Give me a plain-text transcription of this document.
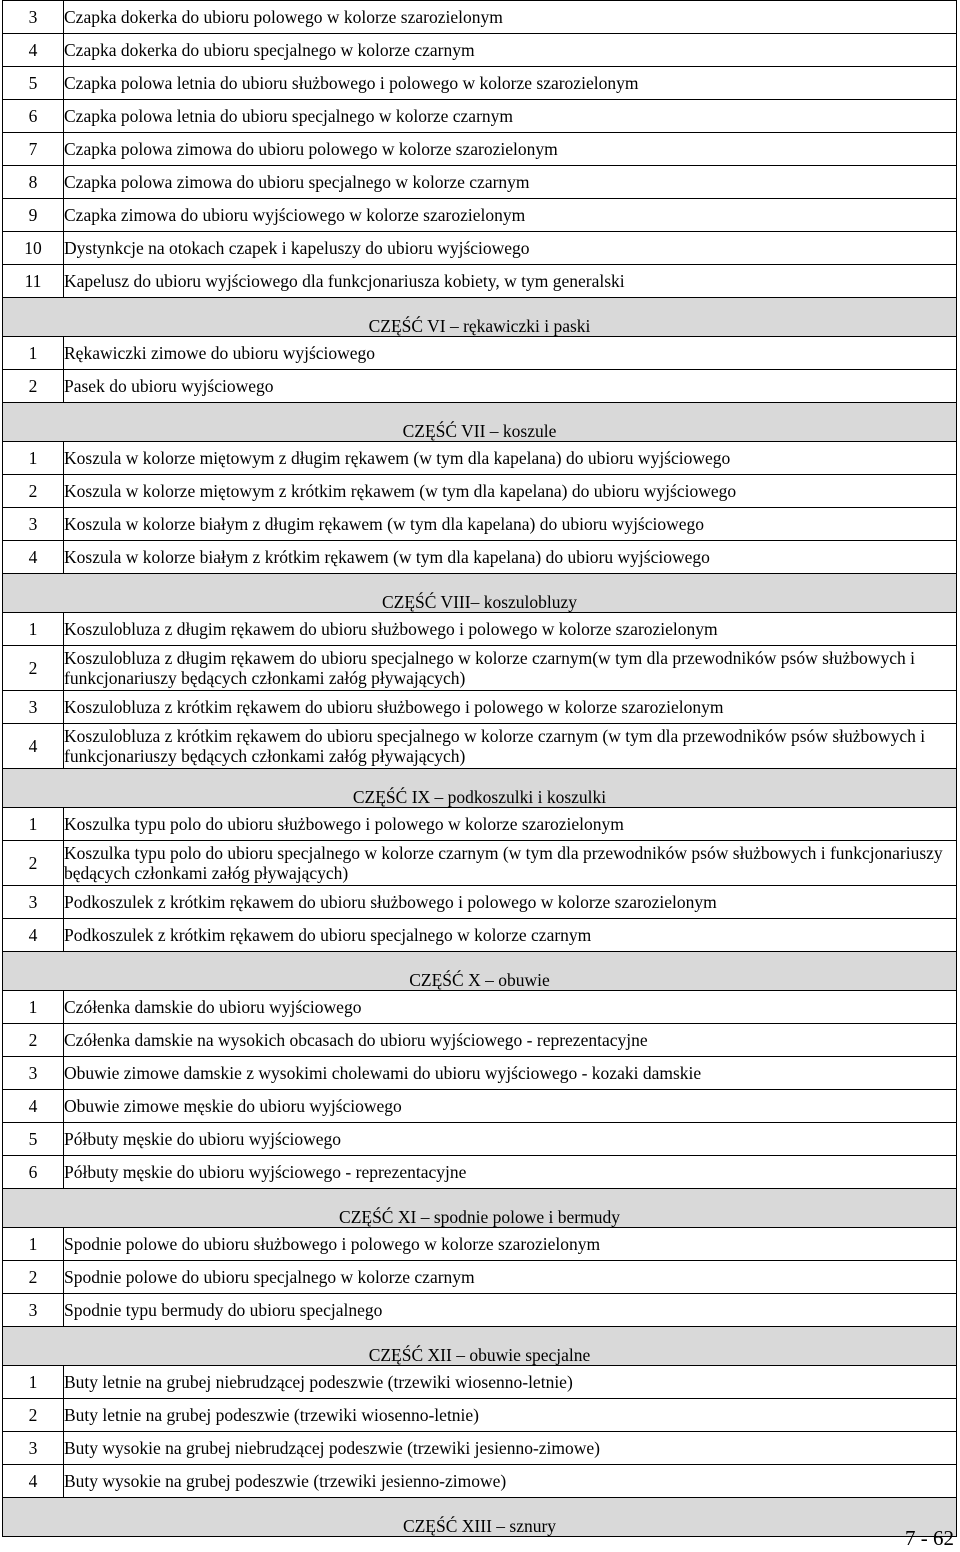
3	Czapka dokerka do ubioru polowego w kolorze szarozielonym
4	Czapka dokerka do ubioru specjalnego w kolorze czarnym
5	Czapka polowa letnia do ubioru służbowego i polowego w kolorze szarozielonym
6	Czapka polowa letnia do ubioru specjalnego w kolorze czarnym
7	Czapka polowa zimowa do ubioru polowego w kolorze szarozielonym
8	Czapka polowa zimowa do ubioru specjalnego w kolorze czarnym
9	Czapka zimowa do ubioru wyjściowego w kolorze szarozielonym
10	Dystynkcje na otokach czapek i kapeluszy do ubioru wyjściowego
11	Kapelusz do ubioru wyjściowego dla funkcjonariusza kobiety, w tym generalski
CZĘŚĆ VI – rękawiczki i paski	
1	Rękawiczki zimowe do ubioru wyjściowego
2	Pasek do ubioru wyjściowego
CZĘŚĆ VII – koszule	
1	Koszula w kolorze miętowym z długim rękawem (w tym dla kapelana) do ubioru wyjściowego
2	Koszula w kolorze miętowym z krótkim rękawem (w tym dla kapelana) do ubioru wyjściowego
3	Koszula w kolorze białym z długim rękawem (w tym dla kapelana) do ubioru wyjściowego
4	Koszula w kolorze białym z krótkim rękawem (w tym dla kapelana) do ubioru wyjściowego
CZĘŚĆ VIII– koszulobluzy	
1	Koszulobluza z długim rękawem do ubioru służbowego i polowego w kolorze szarozielonym
2	Koszulobluza z długim rękawem do ubioru specjalnego w kolorze czarnym(w tym dla przewodników psów służbowych i funkcjonariuszy będących członkami załóg pływających)
3	Koszulobluza z krótkim rękawem do ubioru służbowego i polowego w kolorze szarozielonym
4	Koszulobluza z krótkim rękawem do ubioru specjalnego w kolorze czarnym (w tym dla przewodników psów służbowych i funkcjonariuszy będących członkami załóg pływających)
CZĘŚĆ IX – podkoszulki i koszulki	
1	Koszulka typu polo do ubioru służbowego i polowego w kolorze szarozielonym
2	Koszulka typu polo do ubioru specjalnego w kolorze czarnym (w tym dla przewodników psów służbowych i funkcjonariuszy będących członkami załóg pływających)
3	Podkoszulek z krótkim rękawem do ubioru służbowego i polowego w kolorze szarozielonym
4	Podkoszulek z krótkim rękawem do ubioru specjalnego w kolorze czarnym
CZĘŚĆ X – obuwie	
1	Czółenka damskie do ubioru wyjściowego
2	Czółenka damskie na wysokich obcasach do ubioru wyjściowego - reprezentacyjne
3	Obuwie zimowe damskie z wysokimi cholewami do ubioru wyjściowego - kozaki damskie
4	Obuwie zimowe męskie do ubioru wyjściowego
5	Półbuty męskie do ubioru wyjściowego
6	Półbuty męskie do ubioru wyjściowego - reprezentacyjne
CZĘŚĆ XI – spodnie polowe i bermudy	
1	Spodnie polowe do ubioru służbowego i polowego w kolorze szarozielonym
2	Spodnie polowe do ubioru specjalnego w kolorze czarnym
3	Spodnie typu bermudy do ubioru specjalnego
CZĘŚĆ XII – obuwie specjalne	
1	Buty letnie na grubej niebrudzącej podeszwie (trzewiki wiosenno-letnie)
2	Buty letnie na grubej podeszwie (trzewiki wiosenno-letnie)
3	Buty wysokie na grubej niebrudzącej podeszwie (trzewiki jesienno-zimowe)
4	Buty wysokie na grubej podeszwie (trzewiki jesienno-zimowe)
CZĘŚĆ XIII – sznury		7 - 62
